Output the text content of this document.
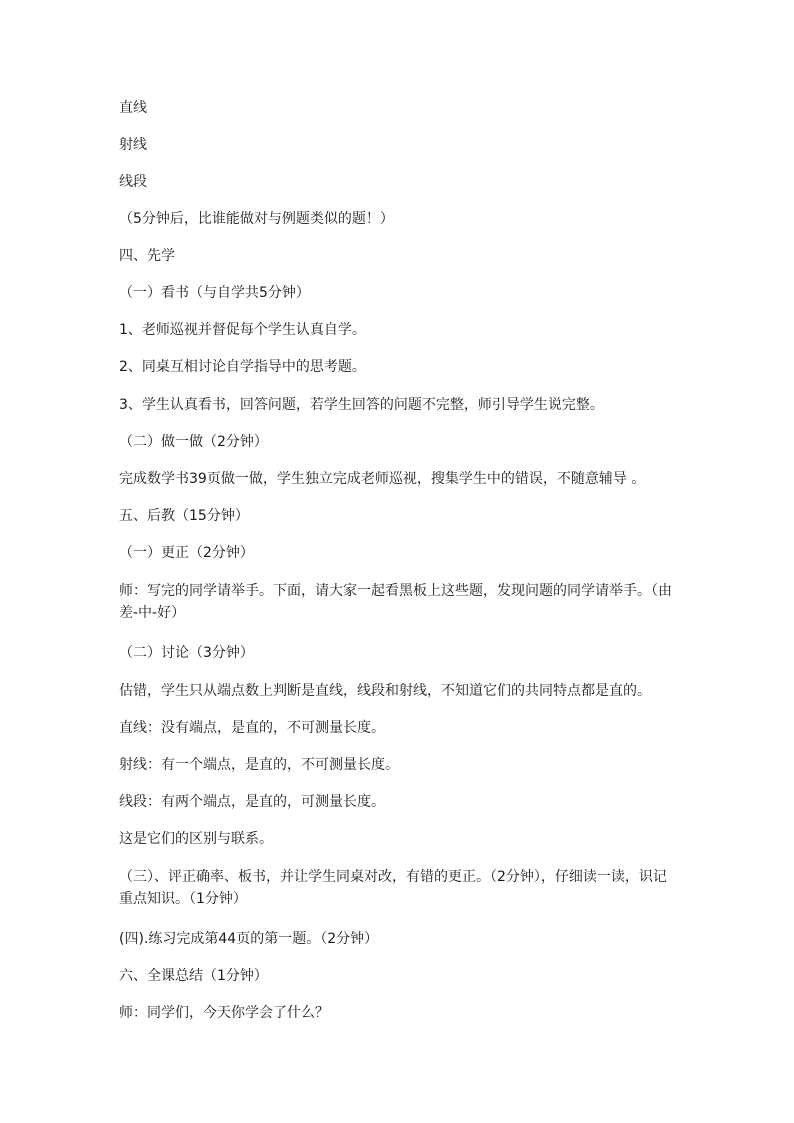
直线

射线

线段

（5分钟后，比谁能做对与例题类似的题！）

四、先学

（一）看书（与自学共5分钟）

1、老师巡视并督促每个学生认真自学。

2、同桌互相讨论自学指导中的思考题。

3、学生认真看书，回答问题，若学生回答的问题不完整，师引导学生说完整。

（二）做一做（2分钟）

完成数学书39页做一做，学生独立完成老师巡视，搜集学生中的错误，不随意辅导 。

五、后教（15分钟）

（一）更正（2分钟）

师：写完的同学请举手。下面，请大家一起看黑板上这些题，发现问题的同学请举手。（由差-中-好）

（二）讨论（3分钟）

估错，学生只从端点数上判断是直线，线段和射线，不知道它们的共同特点都是直的。

直线：没有端点，是直的，不可测量长度。

射线：有一个端点，是直的，不可测量长度。

线段：有两个端点，是直的，可测量长度。

这是它们的区别与联系。

（三）、评正确率、板书，并让学生同桌对改，有错的更正。（2分钟），仔细读一读，识记重点知识。（1分钟）

(四).练习完成第44页的第一题。（2分钟）

六、全课总结（1分钟）

师：同学们，今天你学会了什么？
